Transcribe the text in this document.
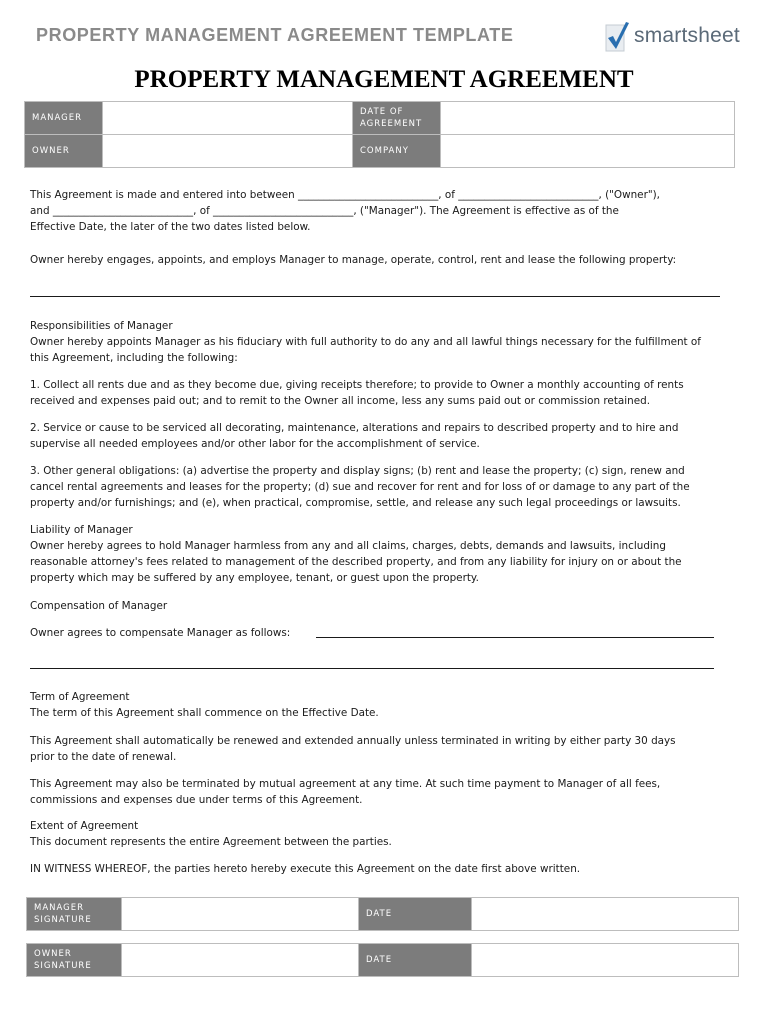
PROPERTY MANAGEMENT AGREEMENT TEMPLATE	smartsheet
PROPERTY MANAGEMENT AGREEMENT
MANAGER		DATE OF
AGREEMENT	
OWNER		COMPANY	

This Agreement is made and entered into between ___________________________, of ___________________________, ("Owner"),

and ___________________________, of ___________________________, ("Manager"). The Agreement is effective as of the

Effective Date, the later of the two dates listed below.

Owner hereby engages, appoints, and employs Manager to manage, operate, control, rent and lease the following property:

Responsibilities of Manager

Owner hereby appoints Manager as his fiduciary with full authority to do any and all lawful things necessary for the fulfillment of

this Agreement, including the following:

1. Collect all rents due and as they become due, giving receipts therefore; to provide to Owner a monthly accounting of rents

received and expenses paid out; and to remit to the Owner all income, less any sums paid out or commission retained.

2. Service or cause to be serviced all decorating, maintenance, alterations and repairs to described property and to hire and

supervise all needed employees and/or other labor for the accomplishment of service.

3. Other general obligations: (a) advertise the property and display signs; (b) rent and lease the property; (c) sign, renew and

cancel rental agreements and leases for the property; (d) sue and recover for rent and for loss of or damage to any part of the

property and/or furnishings; and (e), when practical, compromise, settle, and release any such legal proceedings or lawsuits.

Liability of Manager

Owner hereby agrees to hold Manager harmless from any and all claims, charges, debts, demands and lawsuits, including

reasonable attorney's fees related to management of the described property, and from any liability for injury on or about the

property which may be suffered by any employee, tenant, or guest upon the property.

Compensation of Manager

Owner agrees to compensate Manager as follows:

Term of Agreement

The term of this Agreement shall commence on the Effective Date.

This Agreement shall automatically be renewed and extended annually unless terminated in writing by either party 30 days

prior to the date of renewal.

This Agreement may also be terminated by mutual agreement at any time. At such time payment to Manager of all fees,

commissions and expenses due under terms of this Agreement.

Extent of Agreement

This document represents the entire Agreement between the parties.

IN WITNESS WHEREOF, the parties hereto hereby execute this Agreement on the date first above written.

MANAGER
SIGNATURE		DATE	
OWNER
SIGNATURE		DATE	
